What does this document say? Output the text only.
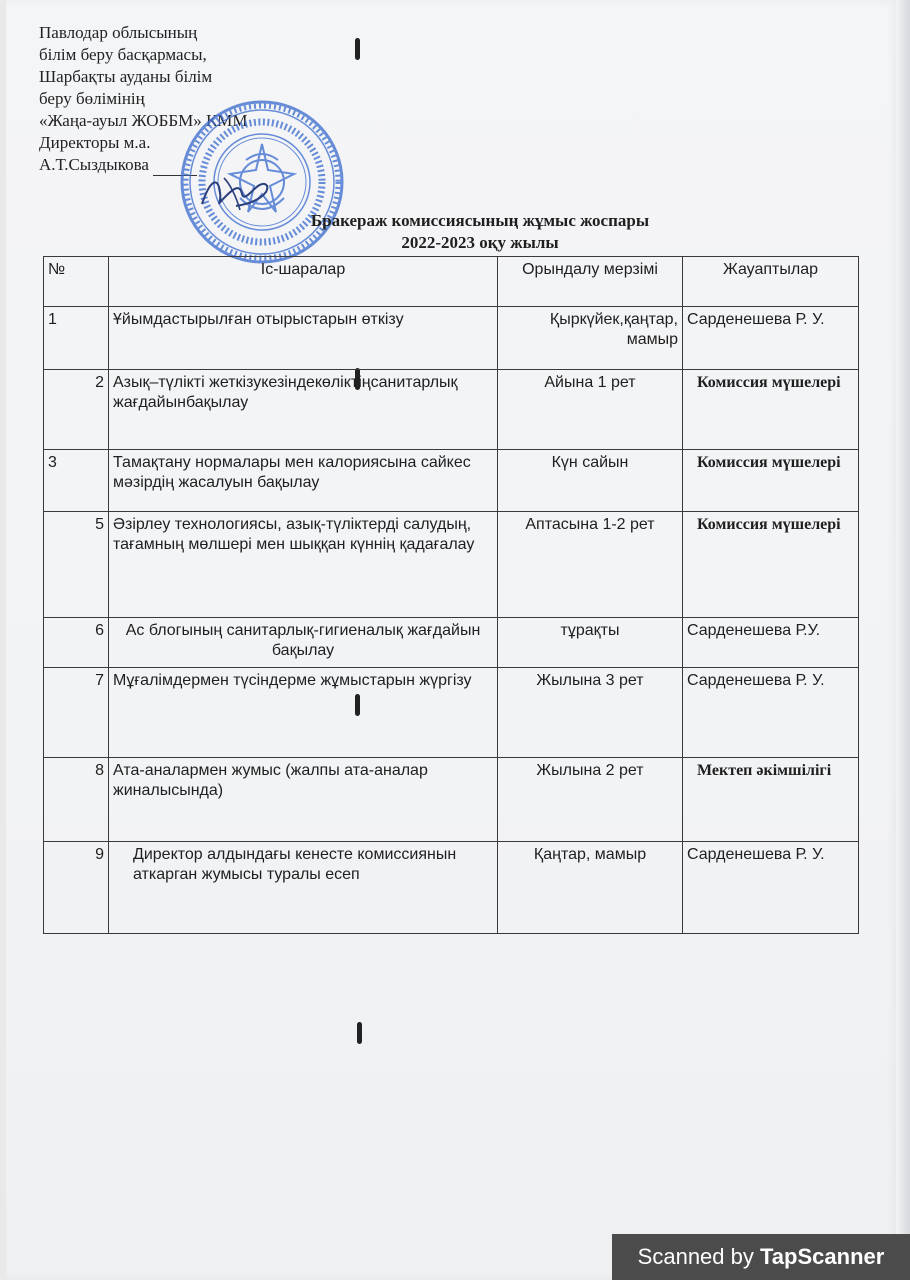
Павлодар облысының
білім беру басқармасы,
Шарбақты ауданы білім
беру бөлімінің
«Жаңа-ауыл ЖОББМ» КММ
Директоры м.а.
А.Т.Сыздыкова
Бракераж комиссиясының жұмыс жоспары
2022-2023 оқу жылы
№	Іс-шаралар	Орындалу мерзімі	Жауаптылар
1	Ұйымдастырылған отырыстарын өткізу	Қыркүйек,қаңтар, мамыр	Сарденешева Р. У.
2	Азық–түлікті жеткізукезіндекөліктіңсанитарлық жағдайынбақылау	Айына 1 рет	Комиссия мүшелері
3	Тамақтану нормалары мен калориясына сайкес мәзірдің жасалуын бақылау	Күн сайын	Комиссия мүшелері
5	Әзірлеу технологиясы, азық-түліктерді салудың, тағамның мөлшері мен шыққан күннің қадағалау	Аптасына 1-2 рет	Комиссия мүшелері
6	Ас блогының санитарлық-гигиеналық жағдайын бақылау	тұрақты	Сарденешева Р.У.
7	Мұғалімдермен түсіндерме жұмыстарын жүргізу	Жылына 3 рет	Сарденешева Р. У.
8	Ата-аналармен жумыс (жалпы ата-аналар жиналысында)	Жылына 2 рет	Мектеп әкімшілігі
9	Директор алдындағы кенесте комиссиянын аткарган жумысы туралы есеп	Қаңтар, мамыр	Сарденешева Р. У.
Scanned by TapScanner
